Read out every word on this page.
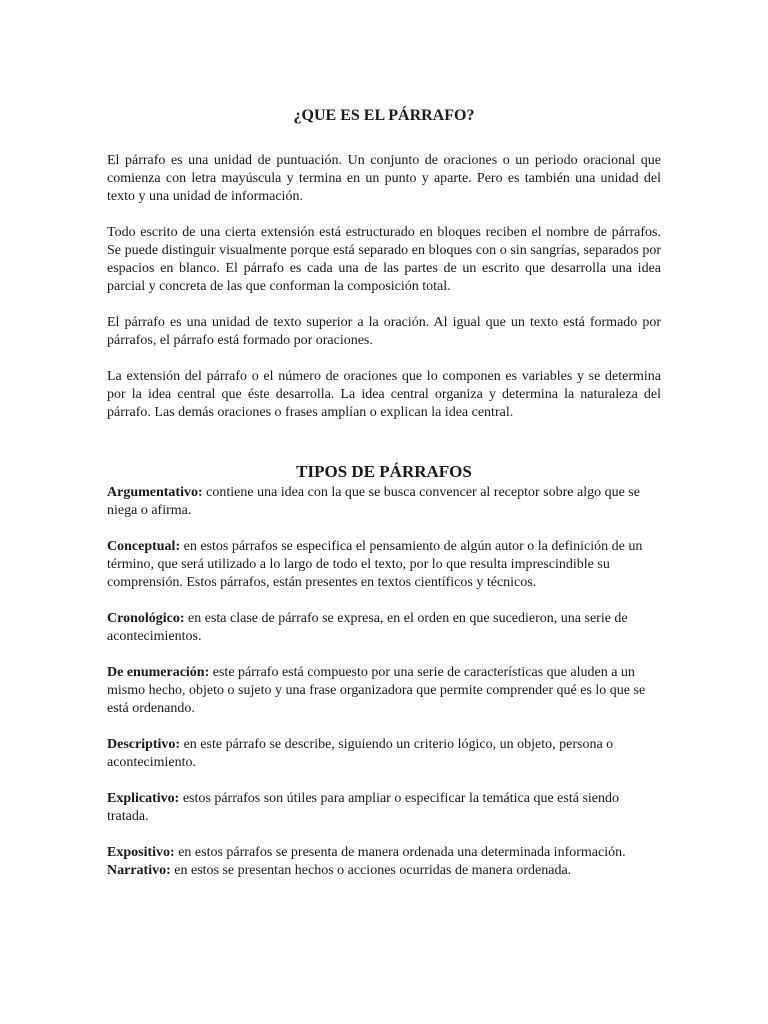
¿QUE ES EL PÁRRAFO?

El párrafo es una unidad de puntuación. Un conjunto de oraciones o un periodo oracional que comienza con letra mayúscula y termina en un punto y aparte. Pero es también una unidad del texto y una unidad de información.

Todo escrito de una cierta extensión está estructurado en bloques reciben el nombre de párrafos. Se puede distinguir visualmente porque está separado en bloques con o sin sangrías, separados por espacios en blanco. El párrafo es cada una de las partes de un escrito que desarrolla una idea parcial y concreta de las que conforman la composición total.

El párrafo es una unidad de texto superior a la oración. Al igual que un texto está formado por párrafos, el párrafo está formado por oraciones.

La extensión del párrafo o el número de oraciones que lo componen es variables y se determina por la idea central que éste desarrolla. La idea central organiza y determina la naturaleza del párrafo. Las demás oraciones o frases amplían o explican la idea central.

TIPOS DE PÁRRAFOS

Argumentativo: contiene una idea con la que se busca convencer al receptor sobre algo que se niega o afirma.

Conceptual: en estos párrafos se especifica el pensamiento de algún autor o la definición de un término, que será utilizado a lo largo de todo el texto, por lo que resulta imprescindible su comprensión. Estos párrafos, están presentes en textos científicos y técnicos.

Cronológico: en esta clase de párrafo se expresa, en el orden en que sucedieron, una serie de acontecimientos.

De enumeración: este párrafo está compuesto por una serie de características que aluden a un mismo hecho, objeto o sujeto y una frase organizadora que permite comprender qué es lo que se está ordenando.

Descriptivo: en este párrafo se describe, siguiendo un criterio lógico, un objeto, persona o acontecimiento.

Explicativo: estos párrafos son útiles para ampliar o especificar la temática que está siendo tratada.

Expositivo: en estos párrafos se presenta de manera ordenada una determinada información.

Narrativo: en estos se presentan hechos o acciones ocurridas de manera ordenada.
